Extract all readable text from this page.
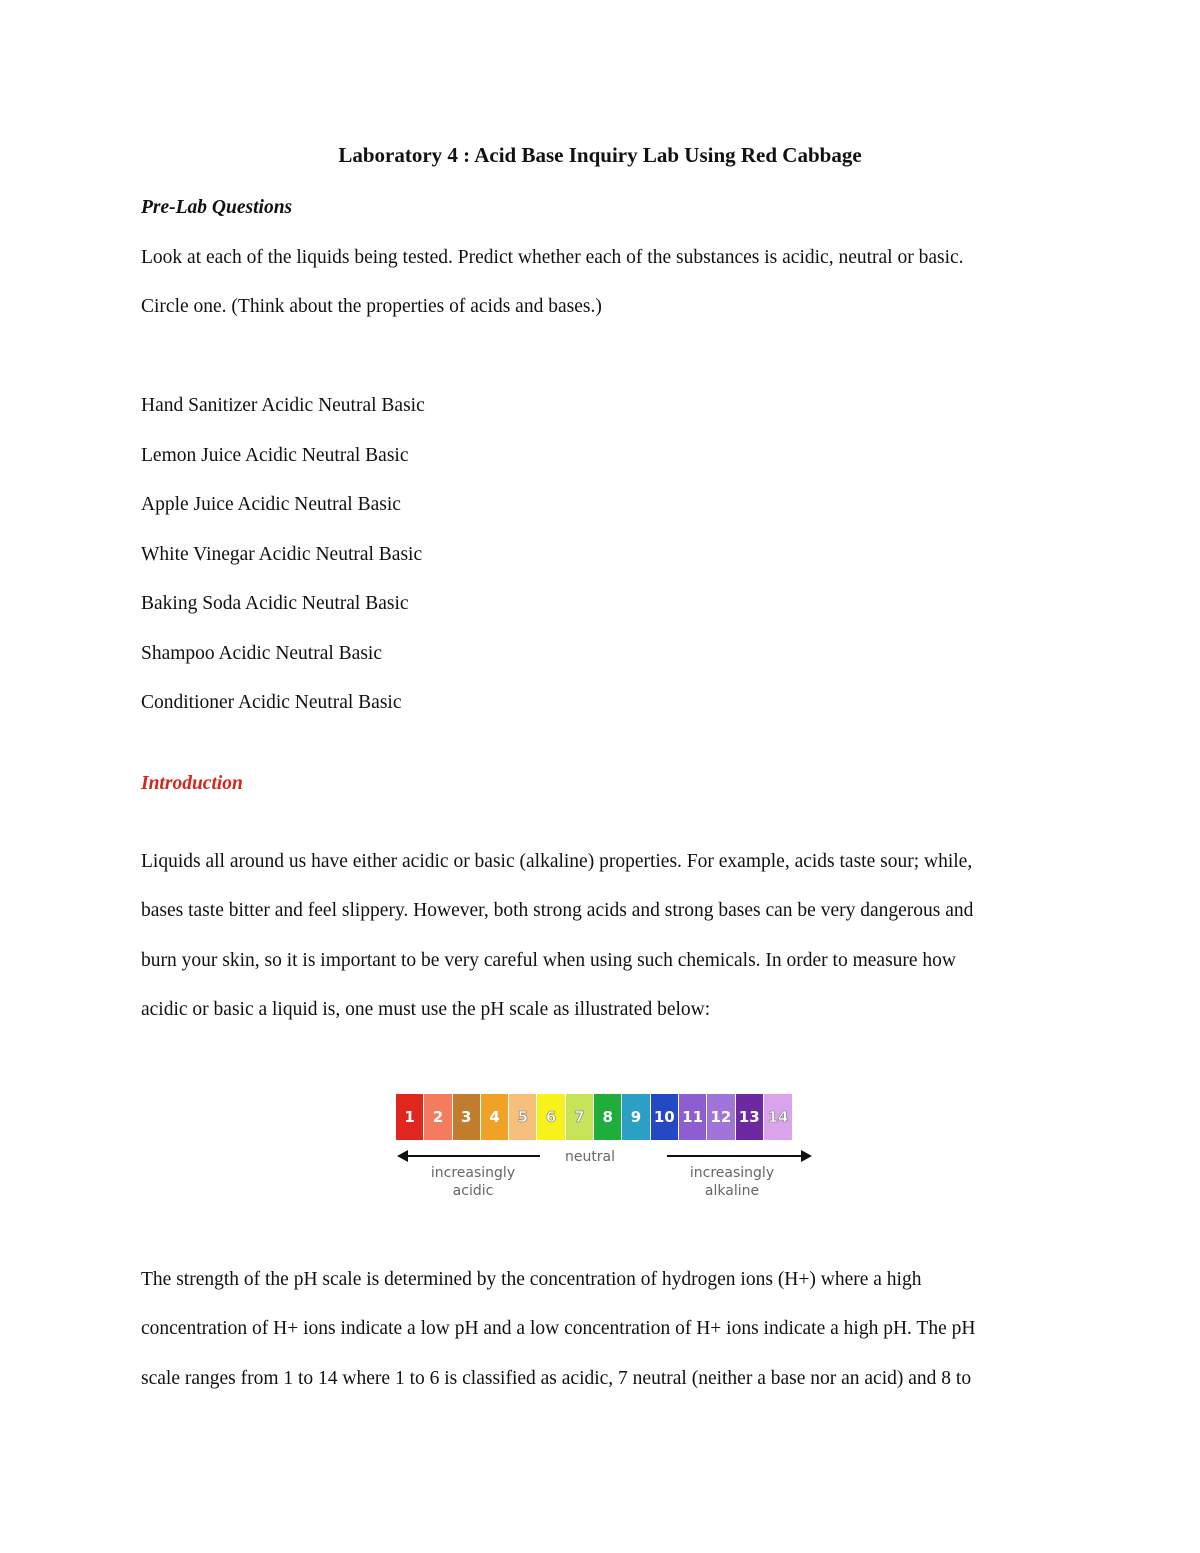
Laboratory 4 : Acid Base Inquiry Lab Using Red Cabbage
Pre-Lab Questions
Look at each of the liquids being tested. Predict whether each of the substances is acidic, neutral or basic.
Circle one. (Think about the properties of acids and bases.)
Hand Sanitizer Acidic Neutral Basic
Lemon Juice Acidic Neutral Basic
Apple Juice Acidic Neutral Basic
White Vinegar Acidic Neutral Basic
Baking Soda Acidic Neutral Basic
Shampoo Acidic Neutral Basic
Conditioner Acidic Neutral Basic
Introduction
Liquids all around us have either acidic or basic (alkaline) properties. For example, acids taste sour; while,
bases taste bitter and feel slippery. However, both strong acids and strong bases can be very dangerous and
burn your skin, so it is important to be very careful when using such chemicals. In order to measure how
acidic or basic a liquid is, one must use the pH scale as illustrated below:
1	2	3	4	5	6	7	8	9 10 11 12 13 14
neutral
increasingly
acidic
increasingly
alkaline
The strength of the pH scale is determined by the concentration of hydrogen ions (H+) where a high
concentration of H+ ions indicate a low pH and a low concentration of H+ ions indicate a high pH. The pH
scale ranges from 1 to 14 where 1 to 6 is classified as acidic, 7 neutral (neither a base nor an acid) and 8 to
